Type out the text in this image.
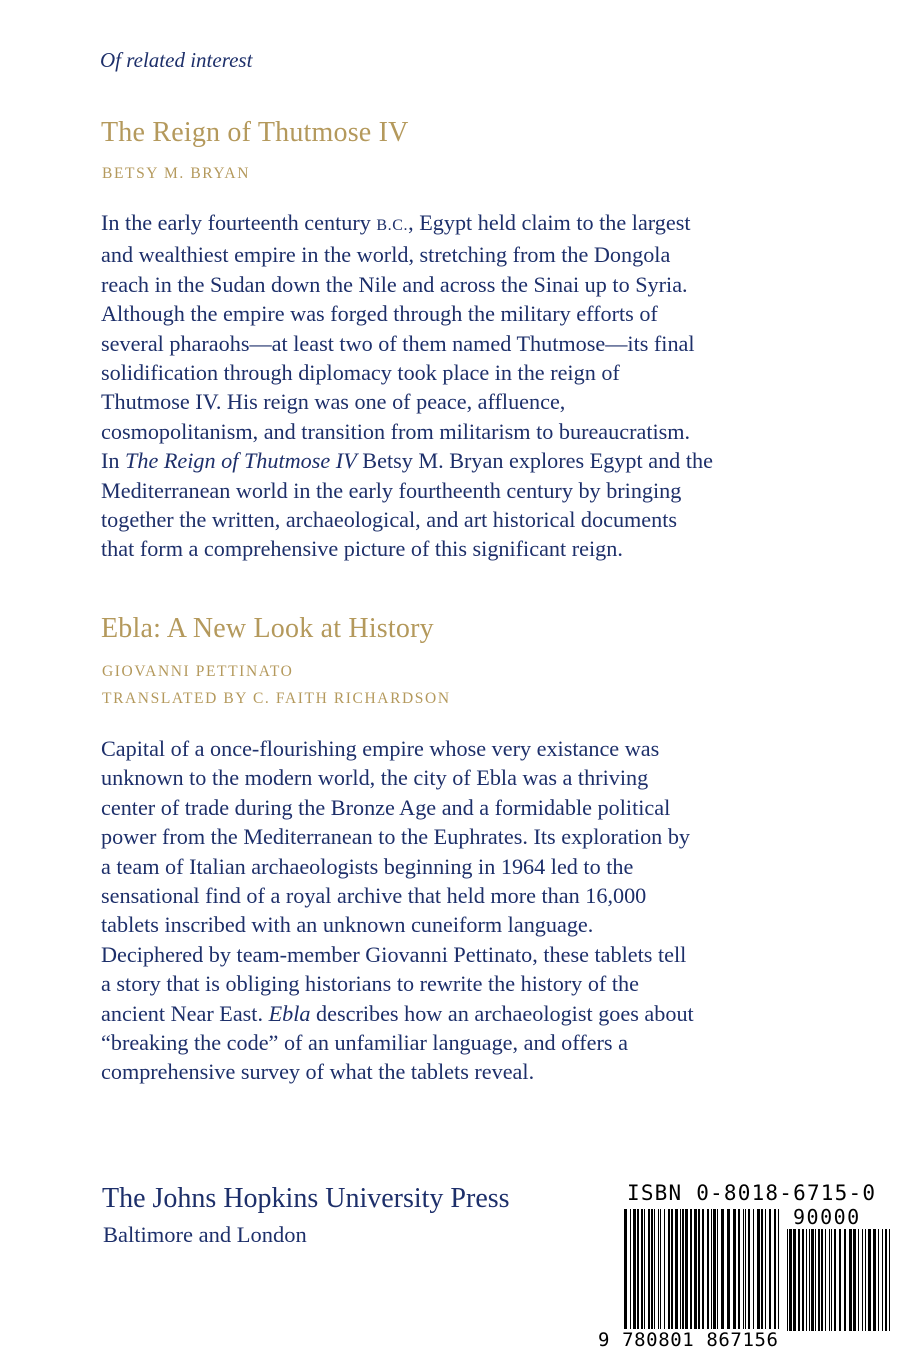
Of related interest
The Reign of Thutmose IV
BETSY M. BRYAN
In the early fourteenth century B.C., Egypt held claim to the largest
and wealthiest empire in the world, stretching from the Dongola
reach in the Sudan down the Nile and across the Sinai up to Syria.
Although the empire was forged through the military efforts of
several pharaohs—at least two of them named Thutmose—its final
solidification through diplomacy took place in the reign of
Thutmose IV. His reign was one of peace, affluence,
cosmopolitanism, and transition from militarism to bureaucratism.
In The Reign of Thutmose IV Betsy M. Bryan explores Egypt and the
Mediterranean world in the early fourtheenth century by bringing
together the written, archaeological, and art historical documents
that form a comprehensive picture of this significant reign.
Ebla: A New Look at History
GIOVANNI PETTINATO
TRANSLATED BY C. FAITH RICHARDSON
Capital of a once-flourishing empire whose very existance was
unknown to the modern world, the city of Ebla was a thriving
center of trade during the Bronze Age and a formidable political
power from the Mediterranean to the Euphrates. Its exploration by
a team of Italian archaeologists beginning in 1964 led to the
sensational find of a royal archive that held more than 16,000
tablets inscribed with an unknown cuneiform language.
Deciphered by team-member Giovanni Pettinato, these tablets tell
a story that is obliging historians to rewrite the history of the
ancient Near East. Ebla describes how an archaeologist goes about
“breaking the code” of an unfamiliar language, and offers a
comprehensive survey of what the tablets reveal.
The Johns Hopkins University Press
Baltimore and London
ISBN 0-8018-6715-0
90000
9 780801 867156
